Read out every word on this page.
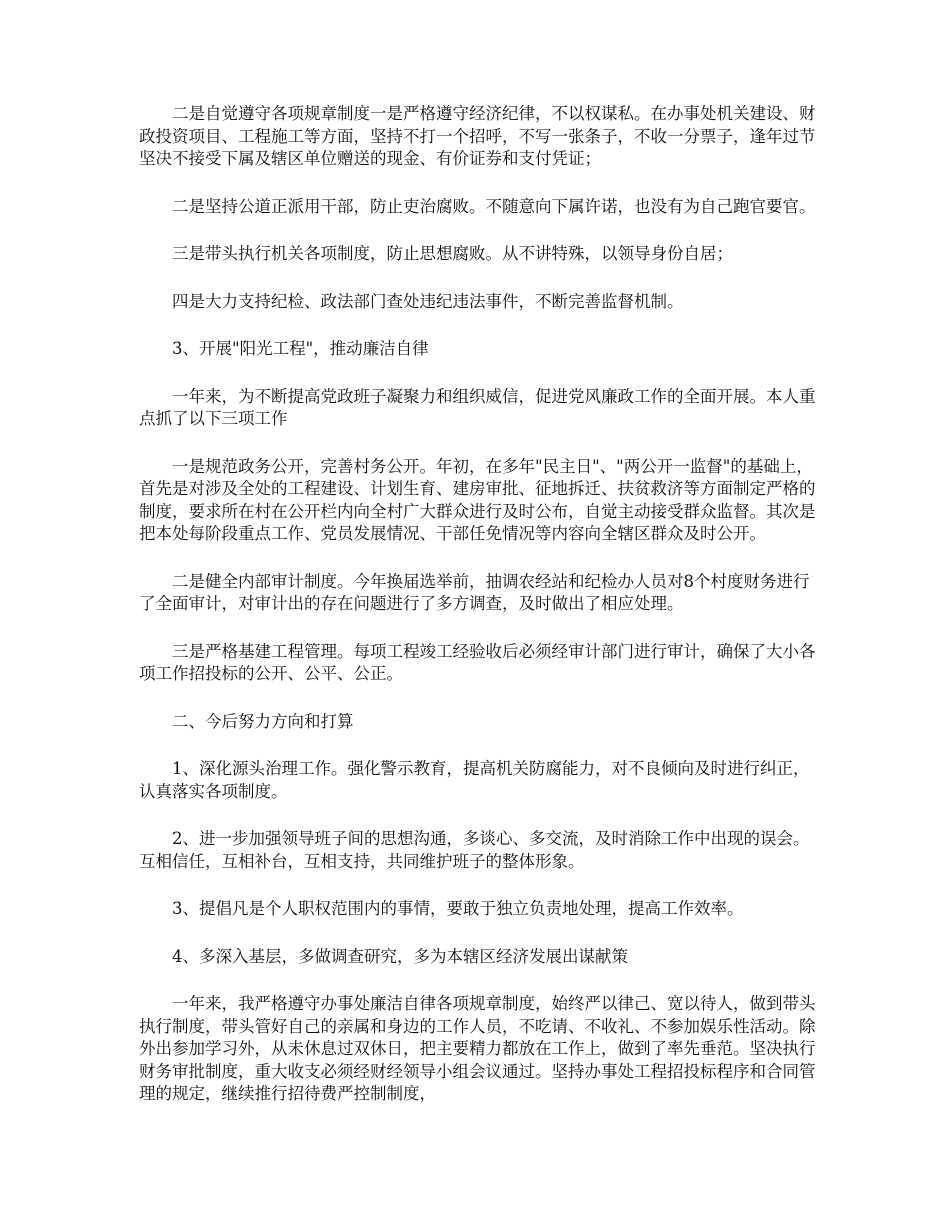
二是自觉遵守各项规章制度一是严格遵守经济纪律，不以权谋私。在办事处机关建设、财政投资项目、工程施工等方面，坚持不打一个招呼，不写一张条子，不收一分票子，逢年过节坚决不接受下属及辖区单位赠送的现金、有价证券和支付凭证；

二是坚持公道正派用干部，防止吏治腐败。不随意向下属许诺，也没有为自己跑官要官。

三是带头执行机关各项制度，防止思想腐败。从不讲特殊，以领导身份自居；

四是大力支持纪检、政法部门查处违纪违法事件，不断完善监督机制。

3、开展"阳光工程"，推动廉洁自律

一年来，为不断提高党政班子凝聚力和组织威信，促进党风廉政工作的全面开展。本人重点抓了以下三项工作

一是规范政务公开，完善村务公开。年初，在多年"民主日"、"两公开一监督"的基础上，首先是对涉及全处的工程建设、计划生育、建房审批、征地拆迁、扶贫救济等方面制定严格的制度，要求所在村在公开栏内向全村广大群众进行及时公布，自觉主动接受群众监督。其次是把本处每阶段重点工作、党员发展情况、干部任免情况等内容向全辖区群众及时公开。

二是健全内部审计制度。今年换届选举前，抽调农经站和纪检办人员对8个村度财务进行了全面审计，对审计出的存在问题进行了多方调查，及时做出了相应处理。

三是严格基建工程管理。每项工程竣工经验收后必须经审计部门进行审计，确保了大小各项工作招投标的公开、公平、公正。

二、今后努力方向和打算

1、深化源头治理工作。强化警示教育，提高机关防腐能力，对不良倾向及时进行纠正，认真落实各项制度。

2、进一步加强领导班子间的思想沟通，多谈心、多交流，及时消除工作中出现的误会。互相信任，互相补台，互相支持，共同维护班子的整体形象。

3、提倡凡是个人职权范围内的事情，要敢于独立负责地处理，提高工作效率。

4、多深入基层，多做调查研究，多为本辖区经济发展出谋献策

一年来，我严格遵守办事处廉洁自律各项规章制度，始终严以律己、宽以待人，做到带头执行制度，带头管好自己的亲属和身边的工作人员，不吃请、不收礼、不参加娱乐性活动。除外出参加学习外，从未休息过双休日，把主要精力都放在工作上，做到了率先垂范。坚决执行财务审批制度，重大收支必须经财经领导小组会议通过。坚持办事处工程招投标程序和合同管理的规定，继续推行招待费严控制制度，
